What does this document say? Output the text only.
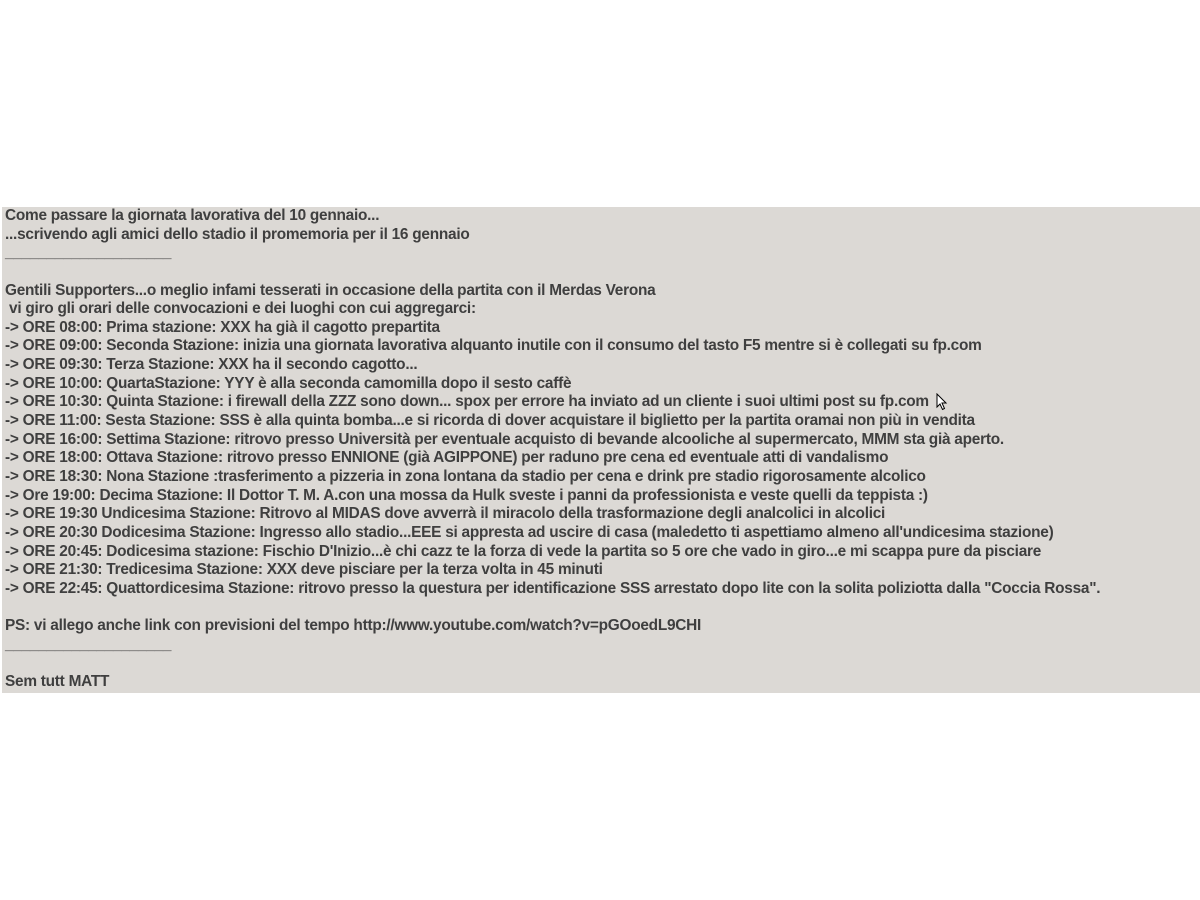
Come passare la giornata lavorativa del 10 gennaio...
...scrivendo agli amici dello stadio il promemoria per il 16 gennaio
____________________
Gentili Supporters...o meglio infami tesserati in occasione della partita con il Merdas Verona
vi giro gli orari delle convocazioni e dei luoghi con cui aggregarci:
-> ORE 08:00: Prima stazione: XXX ha già il cagotto prepartita
-> ORE 09:00: Seconda Stazione: inizia una giornata lavorativa alquanto inutile con il consumo del tasto F5 mentre si è collegati su fp.com
-> ORE 09:30: Terza Stazione: XXX ha il secondo cagotto...
-> ORE 10:00: QuartaStazione: YYY è alla seconda camomilla dopo il sesto caffè
-> ORE 10:30: Quinta Stazione: i firewall della ZZZ sono down... spox per errore ha inviato ad un cliente i suoi ultimi post su fp.com
-> ORE 11:00: Sesta Stazione: SSS è alla quinta bomba...e si ricorda di dover acquistare il biglietto per la partita oramai non più in vendita
-> ORE 16:00: Settima Stazione: ritrovo presso Università per eventuale acquisto di bevande alcooliche al supermercato, MMM sta già aperto.
-> ORE 18:00: Ottava Stazione: ritrovo presso ENNIONE (già AGIPPONE) per raduno pre cena ed eventuale atti di vandalismo
-> ORE 18:30: Nona Stazione :trasferimento a pizzeria in zona lontana da stadio per cena e drink pre stadio rigorosamente alcolico
-> Ore 19:00: Decima Stazione: Il Dottor T. M. A.con una mossa da Hulk sveste i panni da professionista e veste quelli da teppista :)
-> ORE 19:30 Undicesima Stazione: Ritrovo al MIDAS dove avverrà il miracolo della trasformazione degli analcolici in alcolici
-> ORE 20:30 Dodicesima Stazione: Ingresso allo stadio...EEE si appresta ad uscire di casa (maledetto ti aspettiamo almeno all'undicesima stazione)
-> ORE 20:45: Dodicesima stazione: Fischio D'Inizio...è chi cazz te la forza di vede la partita so 5 ore che vado in giro...e mi scappa pure da pisciare
-> ORE 21:30: Tredicesima Stazione: XXX deve pisciare per la terza volta in 45 minuti
-> ORE 22:45: Quattordicesima Stazione: ritrovo presso la questura per identificazione SSS arrestato dopo lite con la solita poliziotta dalla "Coccia Rossa".
PS: vi allego anche link con previsioni del tempo http://www.youtube.com/watch?v=pGOoedL9CHI
____________________
Sem tutt MATT
